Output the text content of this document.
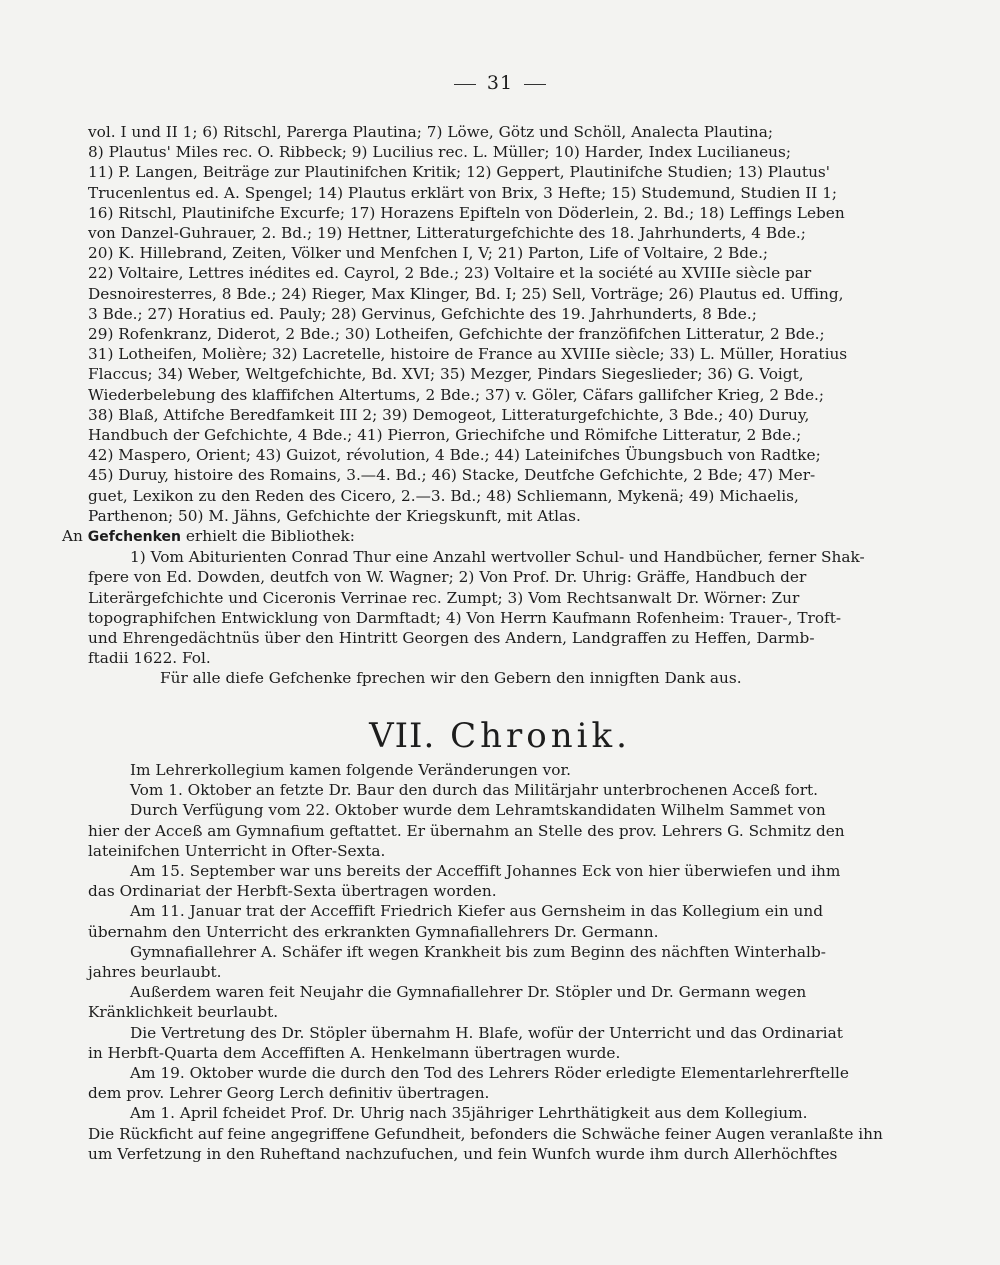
31
vol. I und II 1; 6) Ritschl, Parerga Plautina; 7) Löwe, Götz und Schöll, Analecta Plautina;
8) Plautus' Miles rec. O. Ribbeck; 9) Lucilius rec. L. Müller; 10) Harder, Index Lucilianeus;
11) P. Langen, Beiträge zur Plautinifchen Kritik; 12) Geppert, Plautinifche Studien; 13) Plautus'
Trucenlentus ed. A. Spengel; 14) Plautus erklärt von Brix, 3 Hefte; 15) Studemund, Studien II 1;
16) Ritschl, Plautinifche Excurfe; 17) Horazens Epifteln von Döderlein, 2. Bd.; 18) Leffings Leben
von Danzel-Guhrauer, 2. Bd.; 19) Hettner, Litteraturgefchichte des 18. Jahrhunderts, 4 Bde.;
20) K. Hillebrand, Zeiten, Völker und Menfchen I, V; 21) Parton, Life of Voltaire, 2 Bde.;
22) Voltaire, Lettres inédites ed. Cayrol, 2 Bde.; 23) Voltaire et la société au XVIIIe siècle par
Desnoiresterres, 8 Bde.; 24) Rieger, Max Klinger, Bd. I; 25) Sell, Vorträge; 26) Plautus ed. Uffing,
3 Bde.; 27) Horatius ed. Pauly; 28) Gervinus, Gefchichte des 19. Jahrhunderts, 8 Bde.;
29) Rofenkranz, Diderot, 2 Bde.; 30) Lotheifen, Gefchichte der franzöfifchen Litteratur, 2 Bde.;
31) Lotheifen, Molière; 32) Lacretelle, histoire de France au XVIIIe siècle; 33) L. Müller, Horatius
Flaccus; 34) Weber, Weltgefchichte, Bd. XVI; 35) Mezger, Pindars Siegeslieder; 36) G. Voigt,
Wiederbelebung des klaffifchen Altertums, 2 Bde.; 37) v. Göler, Cäfars gallifcher Krieg, 2 Bde.;
38) Blaß, Attifche Beredfamkeit III 2; 39) Demogeot, Litteraturgefchichte, 3 Bde.; 40) Duruy,
Handbuch der Gefchichte, 4 Bde.; 41) Pierron, Griechifche und Römifche Litteratur, 2 Bde.;
42) Maspero, Orient; 43) Guizot, révolution, 4 Bde.; 44) Lateinifches Übungsbuch von Radtke;
45) Duruy, histoire des Romains, 3.—4. Bd.; 46) Stacke, Deutfche Gefchichte, 2 Bde; 47) Mer-
guet, Lexikon zu den Reden des Cicero, 2.—3. Bd.; 48) Schliemann, Mykenä; 49) Michaelis,
Parthenon; 50) M. Jähns, Gefchichte der Kriegskunft, mit Atlas.
An Gefchenken erhielt die Bibliothek:
1) Vom Abiturienten Conrad Thur eine Anzahl wertvoller Schul- und Handbücher, ferner Shak-
fpere von Ed. Dowden, deutfch von W. Wagner; 2) Von Prof. Dr. Uhrig: Gräffe, Handbuch der
Literärgefchichte und Ciceronis Verrinae rec. Zumpt; 3) Vom Rechtsanwalt Dr. Wörner: Zur
topographifchen Entwicklung von Darmftadt; 4) Von Herrn Kaufmann Rofenheim: Trauer-, Troft-
und Ehrengedächtnüs über den Hintritt Georgen des Andern, Landgraffen zu Heffen, Darmb-
ftadii 1622. Fol.
Für alle diefe Gefchenke fprechen wir den Gebern den innigften Dank aus.
VII. Chronik.
Im Lehrerkollegium kamen folgende Veränderungen vor.
Vom 1. Oktober an fetzte Dr. Baur den durch das Militärjahr unterbrochenen Acceß fort.
Durch Verfügung vom 22. Oktober wurde dem Lehramtskandidaten Wilhelm Sammet von
hier der Acceß am Gymnafium geftattet. Er übernahm an Stelle des prov. Lehrers G. Schmitz den
lateinifchen Unterricht in Ofter-Sexta.
Am 15. September war uns bereits der Acceffift Johannes Eck von hier überwiefen und ihm
das Ordinariat der Herbft-Sexta übertragen worden.
Am 11. Januar trat der Acceffift Friedrich Kiefer aus Gernsheim in das Kollegium ein und
übernahm den Unterricht des erkrankten Gymnafiallehrers Dr. Germann.
Gymnafiallehrer A. Schäfer ift wegen Krankheit bis zum Beginn des nächften Winterhalb-
jahres beurlaubt.
Außerdem waren feit Neujahr die Gymnafiallehrer Dr. Stöpler und Dr. Germann wegen
Kränklichkeit beurlaubt.
Die Vertretung des Dr. Stöpler übernahm H. Blafe, wofür der Unterricht und das Ordinariat
in Herbft-Quarta dem Acceffiften A. Henkelmann übertragen wurde.
Am 19. Oktober wurde die durch den Tod des Lehrers Röder erledigte Elementarlehrerftelle
dem prov. Lehrer Georg Lerch definitiv übertragen.
Am 1. April fcheidet Prof. Dr. Uhrig nach 35jähriger Lehrthätigkeit aus dem Kollegium.
Die Rückficht auf feine angegriffene Gefundheit, befonders die Schwäche feiner Augen veranlaßte ihn
um Verfetzung in den Ruheftand nachzufuchen, und fein Wunfch wurde ihm durch Allerhöchftes
